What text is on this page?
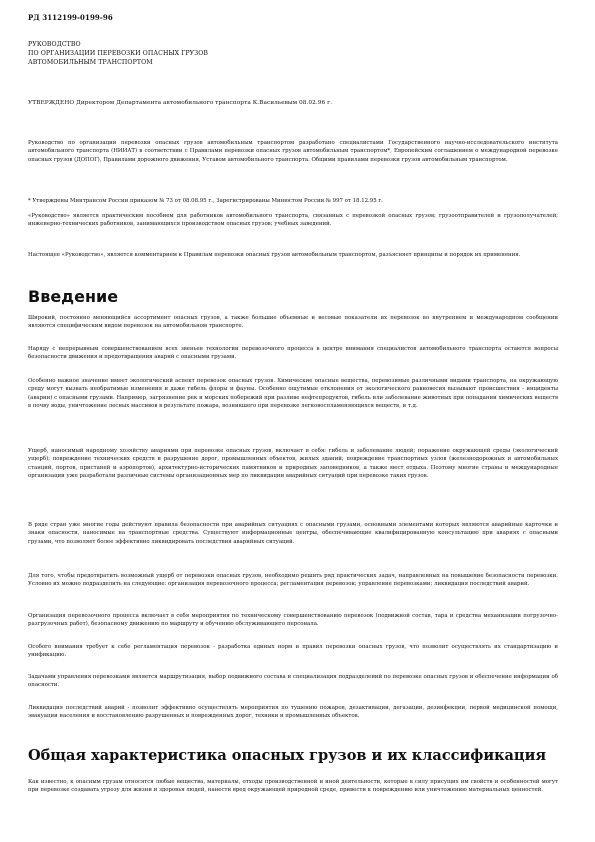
РД 3112199-0199-96
РУКОВОДСТВО
ПО ОРГАНИЗАЦИИ ПЕРЕВОЗКИ ОПАСНЫХ ГРУЗОВ
АВТОМОБИЛЬНЫМ ТРАНСПОРТОМ
УТВЕРЖДЕНО Директором Департамента автомобильного транспорта К.Васильевым 08.02.96 г.

Руководство по организации перевозки опасных грузов автомобильным транспортом разработано специалистами Государственного научно-исследовательского института автомобильного транспорта (НИИАТ) в соответствии с Правилами перевозки опасных грузов автомобильным транспортом*, Европейским соглашением о международной перевозке опасных грузов (ДОПОГ), Правилами дорожного движения, Уставом автомобильного транспорта. Общими правилами перевозки грузов автомобильным транспортом.

* Утверждены Минтрансом России приказом № 73 от 08.08.95 г., Зарегистрированы Минюстом России № 997 от 18.12.95 г.

«Руководство» является практическим пособием для работников автомобильного транспорта, связанных с перевозкой опасных грузов; грузоотправителей и грузополучателей; инженерно-технических работников, занимающихся производством опасных грузов; учебных заведений.

Настоящее «Руководство», является комментарием к Правилам перевозки опасных грузов автомобильным транспортом, разъясняет принципы и порядок их применения.

Введение

Широкий, постоянно меняющийся ассортимент опасных грузов, а также большие объемные и весовые показатели их перевозок во внутреннем и международном сообщении являются специфическим видом перевозок на автомобильном транспорте.

Наряду с непрерывным совершенствованием всех звеньев технологии перевозочного процесса в центре внимания специалистов автомобильного транспорта остаются вопросы безопасности движения и предотвращения аварий с опасными грузами.

Особенно важное значение имеет экологический аспект перевозок опасных грузов. Химические опасные вещества, перевозимые различными видами транспорта, на окружающую среду могут вызвать необратимые изменения и даже гибель флоры и фауны. Особенно ощутимые отклонения от экологического равновесия вызывают происшествия - инциденты (аварии) с опасными грузами. Например, загрязнение рек и морских побережий при разливе нефтепродуктов, гибель или заболевание животных при попадании химических веществ в почву воды, уничтожение лесных массивов в результате пожара, возникшего при перевозке легковоспламеняющихся веществ, и т.д.

Ущерб, наносимый народному хозяйству авариями при перевозке опасных грузов, включает в себя: гибель и заболевание людей; поражение окружающей среды (экологический ущерб); повреждение технических средств и разрушение дорог, промышленных объектов, жилых зданий; повреждение транспортных узлов (железнодорожных и автомобильных станций, портов, пристаней и аэропортов), архитектурно-исторических памятников и природных заповедников, а также мест отдыха. Поэтому многие страны и международные организации уже разработали различные системы организационных мер по ликвидации аварийных ситуаций при перевозке таких грузов.

В ряде стран уже многие годы действуют правила безопасности при аварийных ситуациях с опасными грузами, основными элементами которых являются аварийные карточки и знаки опасности, наносимые на транспортные средства. Существуют информационные центры, обеспечивающие квалифицированную консультацию при авариях с опасными грузами, что позволяет более эффективно ликвидировать последствия аварийных ситуаций.

Для того, чтобы предотвратить возможный ущерб от перевозки опасных грузов, необходимо решить ряд практических задач, направленных на повышение безопасности перевозки. Условно их можно подразделить на следующие: организация перевозочного процесса; регламентация перевозок; управление перевозками; ликвидация последствий аварий.

Организация перевозочного процесса включает в себя мероприятия по техническому совершенствованию перевозок (подвижной состав, тара и средства механизации погрузочно-разгрузочных работ), безопасному движению по маршруту и обучению обслуживающего персонала.

Особого внимания требует к себе регламентация перевозок - разработка единых норм и правил перевозки опасных грузов, что позволит осуществлять их стандартизацию и унификацию.

Задачами управления перевозками является маршрутизация, выбор подвижного состава и специализация подразделений по перевозке опасных грузов и обеспечение информации об опасности.

Ликвидация последствий аварий - позволит эффективно осуществлять мероприятия по тушению пожаров, дезактивации, дегазации, дезинфекции, первой медицинской помощи, эвакуации населения и восстановлению разрушенных и поврежденных дорог, техники и промышленных объектов.

Общая характеристика опасных грузов и их классификация

Как известно, к опасным грузам относятся любые вещества, материалы, отходы производственной и иной деятельности, которые в силу присущих им свойств и особенностей могут при перевозке создавать угрозу для жизни и здоровья людей, нанести вред окружающей природной среде, привести к повреждению или уничтожению материальных ценностей.
